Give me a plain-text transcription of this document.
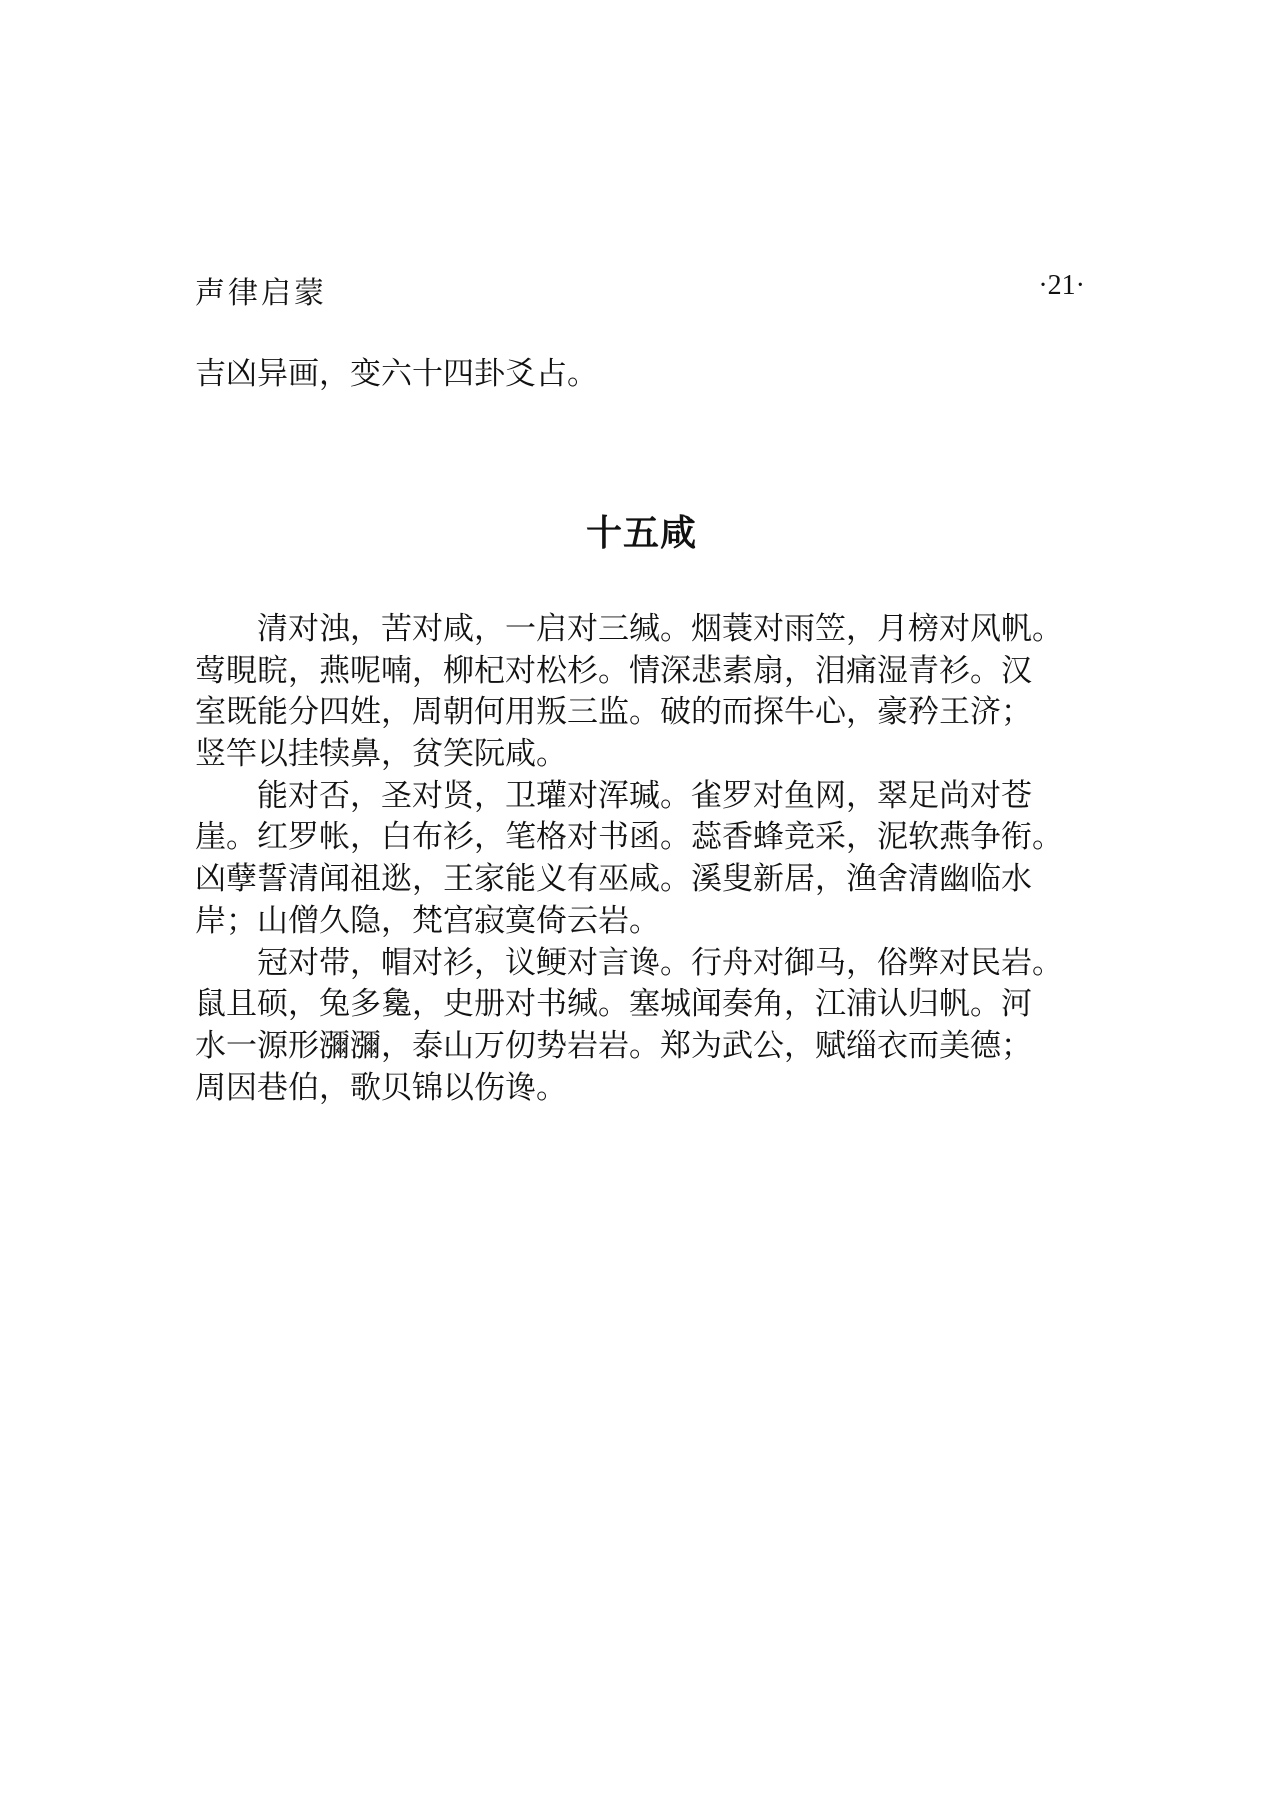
声律启蒙	·21·
吉凶异画，变六十四卦爻占。
十五咸
清对浊，苦对咸，一启对三缄。烟蓑对雨笠，月榜对风帆。
莺睍睆，燕呢喃，柳杞对松杉。情深悲素扇，泪痛湿青衫。汉
室既能分四姓，周朝何用叛三监。破的而探牛心，豪矜王济；
竖竿以挂犊鼻，贫笑阮咸。
能对否，圣对贤，卫瓘对浑瑊。雀罗对鱼网，翠足尚对苍
崖。红罗帐，白布衫，笔格对书函。蕊香蜂竞采，泥软燕争衔。
凶孽誓清闻祖逖，王家能义有巫咸。溪叟新居，渔舍清幽临水
岸；山僧久隐，梵宫寂寞倚云岩。
冠对带，帽对衫，议鲠对言谗。行舟对御马，俗弊对民岩。
鼠且硕，兔多毚，史册对书缄。塞城闻奏角，江浦认归帆。河
水一源形瀰瀰，泰山万仞势岩岩。郑为武公，赋缁衣而美德；
周因巷伯，歌贝锦以伤谗。
